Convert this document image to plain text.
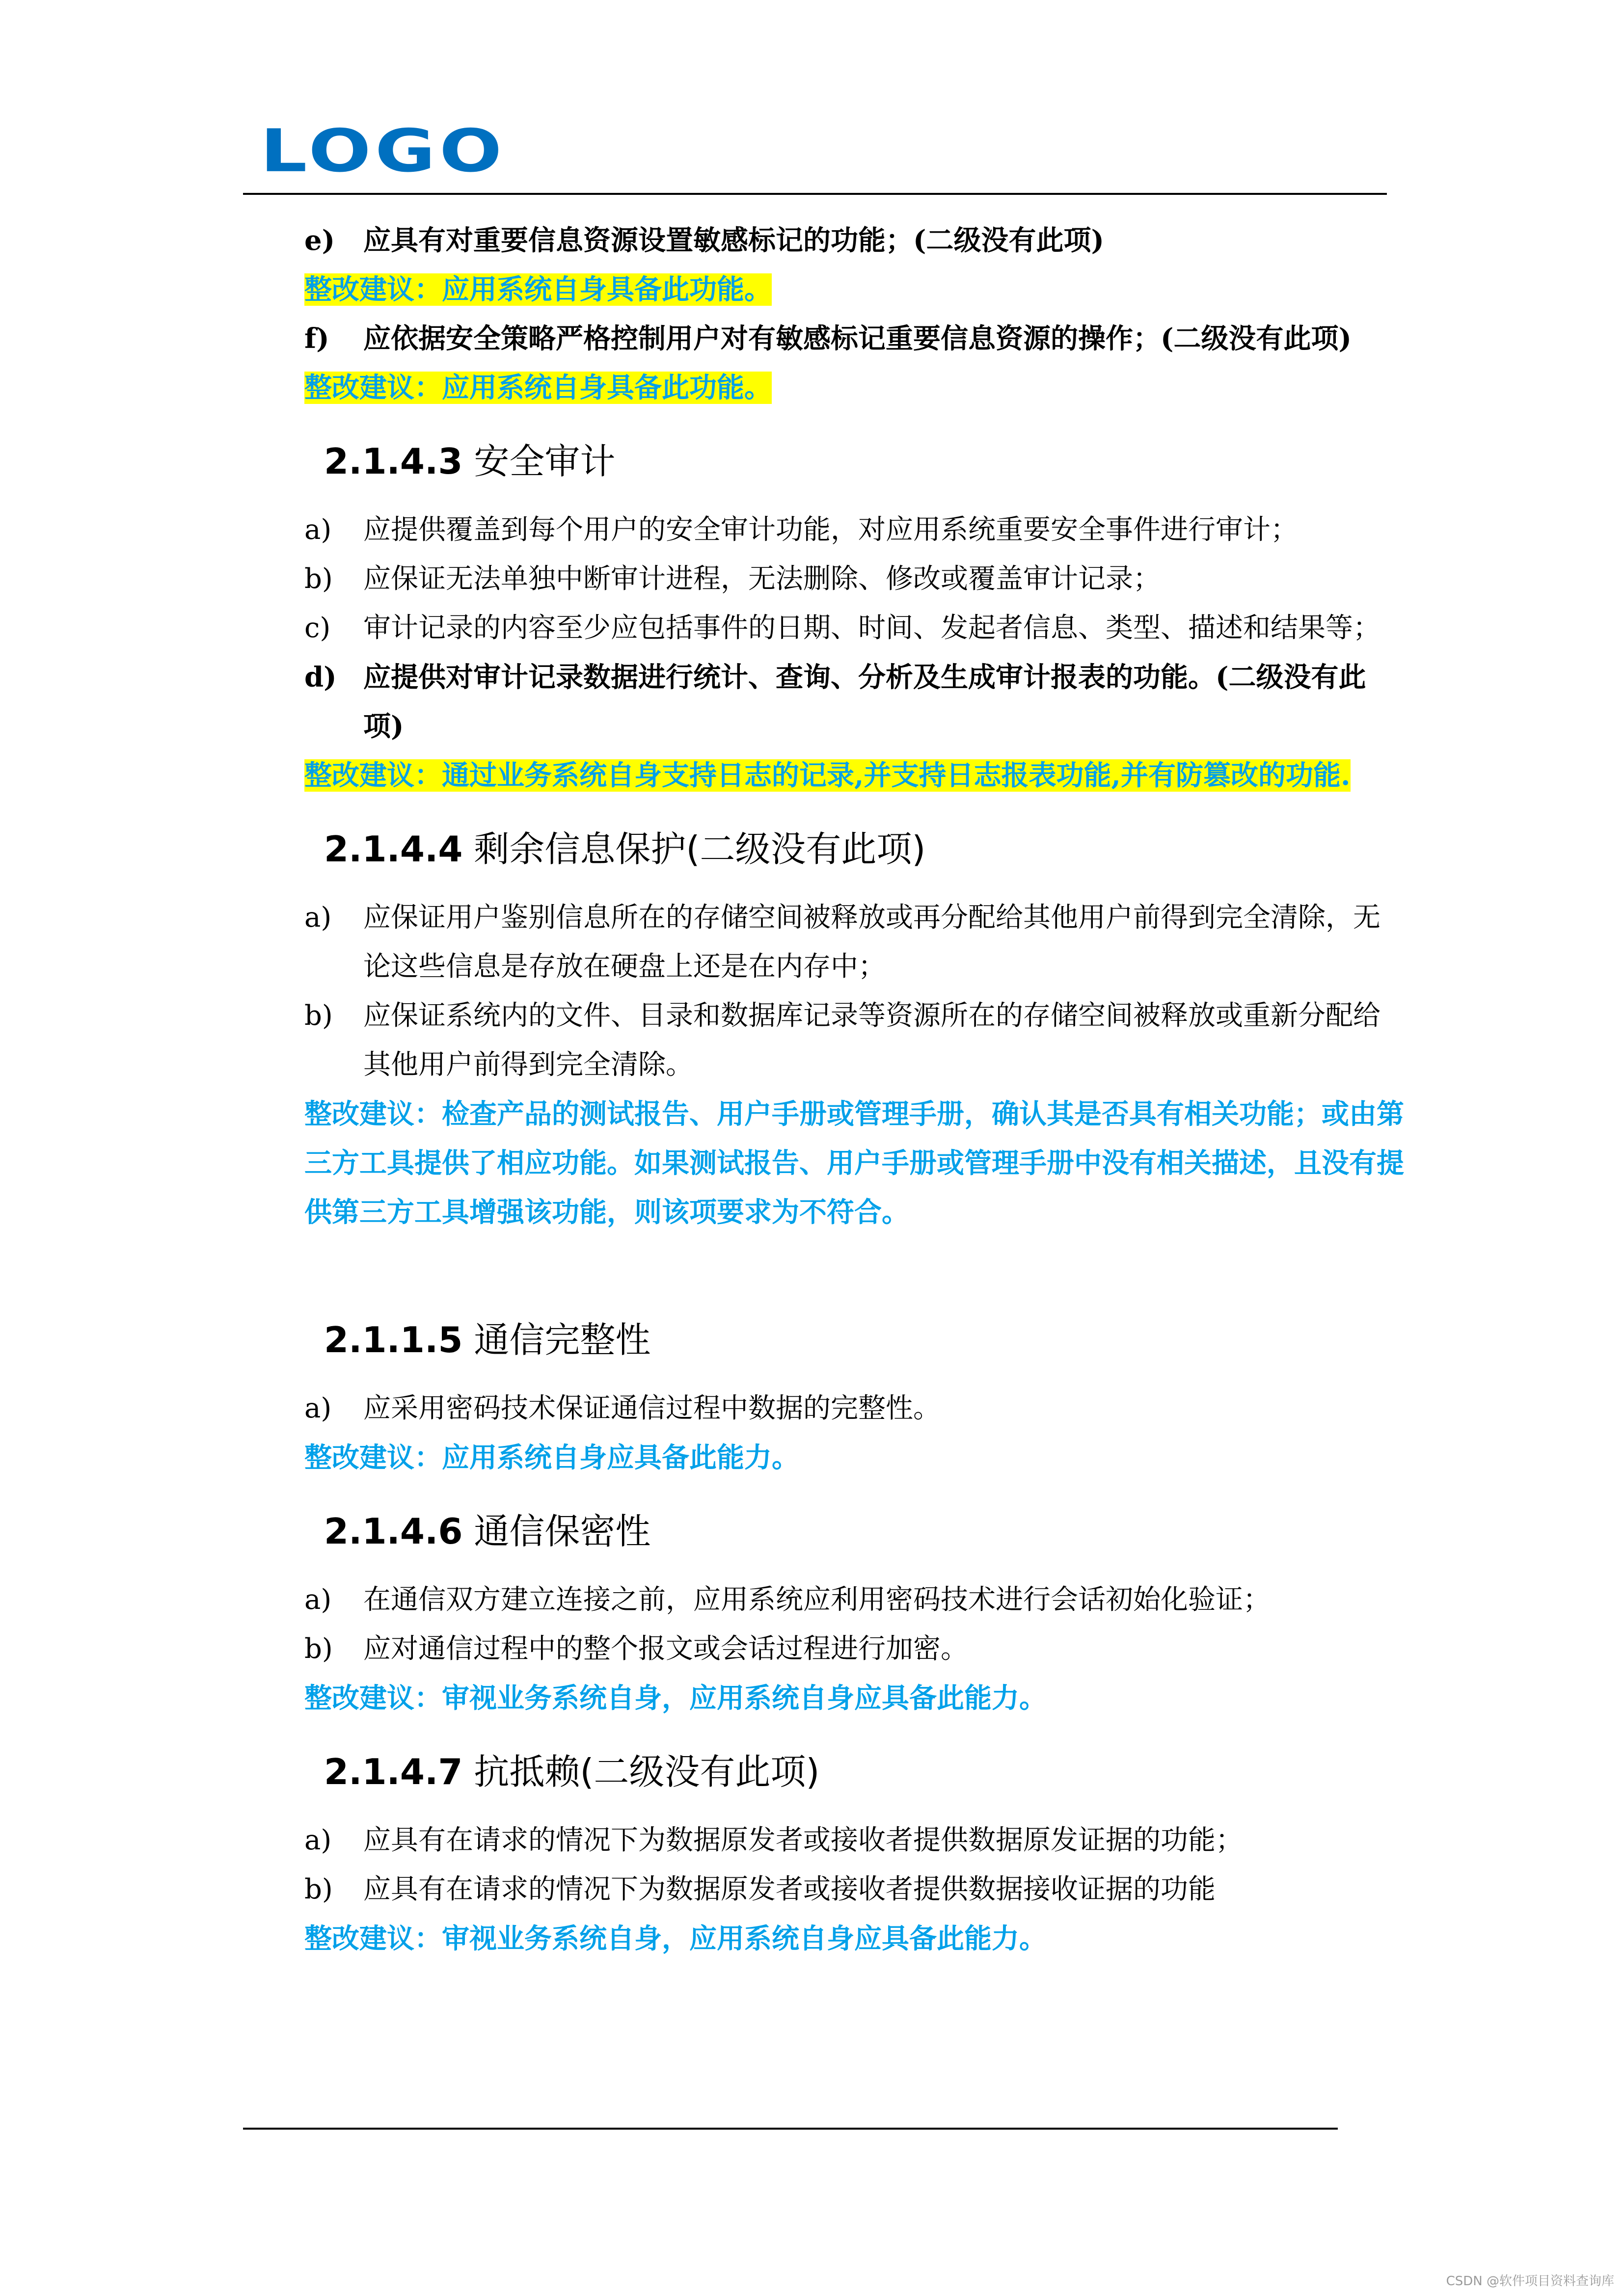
LOGO
e) 应具有对重要信息资源设置敏感标记的功能；(二级没有此项)
整改建议：应用系统自身具备此功能。
f) 应依据安全策略严格控制用户对有敏感标记重要信息资源的操作；(二级没有此项)
整改建议：应用系统自身具备此功能。
2.1.4.3 安全审计
a) 应提供覆盖到每个用户的安全审计功能，对应用系统重要安全事件进行审计；
b) 应保证无法单独中断审计进程，无法删除、修改或覆盖审计记录；
c) 审计记录的内容至少应包括事件的日期、时间、发起者信息、类型、描述和结果等；
d) 应提供对审计记录数据进行统计、查询、分析及生成审计报表的功能。(二级没有此项)
整改建议：通过业务系统自身支持日志的记录,并支持日志报表功能,并有防篡改的功能.
2.1.4.4 剩余信息保护(二级没有此项)
a) 应保证用户鉴别信息所在的存储空间被释放或再分配给其他用户前得到完全清除，无论这些信息是存放在硬盘上还是在内存中；
b) 应保证系统内的文件、目录和数据库记录等资源所在的存储空间被释放或重新分配给其他用户前得到完全清除。
整改建议：检查产品的测试报告、用户手册或管理手册，确认其是否具有相关功能；或由第三方工具提供了相应功能。如果测试报告、用户手册或管理手册中没有相关描述，且没有提供第三方工具增强该功能，则该项要求为不符合。
2.1.1.5 通信完整性
a) 应采用密码技术保证通信过程中数据的完整性。
整改建议：应用系统自身应具备此能力。
2.1.4.6 通信保密性
a) 在通信双方建立连接之前，应用系统应利用密码技术进行会话初始化验证；
b) 应对通信过程中的整个报文或会话过程进行加密。
整改建议：审视业务系统自身，应用系统自身应具备此能力。
2.1.4.7 抗抵赖(二级没有此项)
a) 应具有在请求的情况下为数据原发者或接收者提供数据原发证据的功能；
b) 应具有在请求的情况下为数据原发者或接收者提供数据接收证据的功能
整改建议：审视业务系统自身，应用系统自身应具备此能力。
CSDN @软件项目资料查询库
